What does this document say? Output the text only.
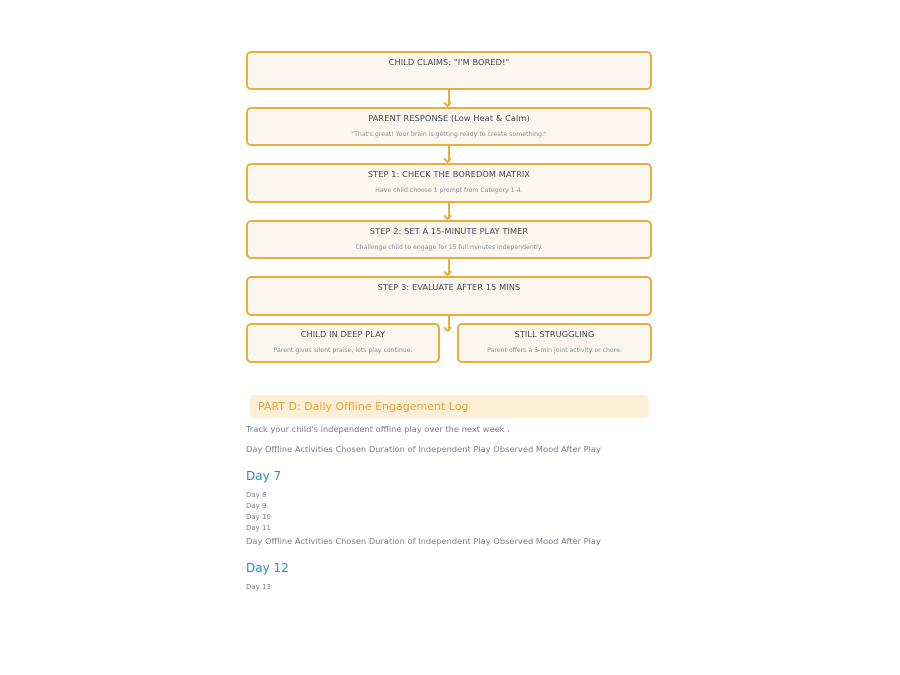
CHILD CLAIMS: "I'M BORED!"
PARENT RESPONSE (Low Heat & Calm)
"That's great! Your brain is getting ready to create something."
STEP 1: CHECK THE BOREDOM MATRIX
Have child choose 1 prompt from Category 1-4.
STEP 2: SET A 15-MINUTE PLAY TIMER
Challenge child to engage for 15 full minutes independently.
STEP 3: EVALUATE AFTER 15 MINS
CHILD IN DEEP PLAY
Parent gives silent praise, lets play continue.
STILL STRUGGLING
Parent offers a 5-min joint activity or chore.
PART D: Daily Offline Engagement Log
Track your child's independent offline play over the next week .
Day Offline Activities Chosen Duration of Independent Play Observed Mood After Play
Day 7
Day 8
Day 9
Day 10
Day 11
Day Offline Activities Chosen Duration of Independent Play Observed Mood After Play
Day 12
Day 13
